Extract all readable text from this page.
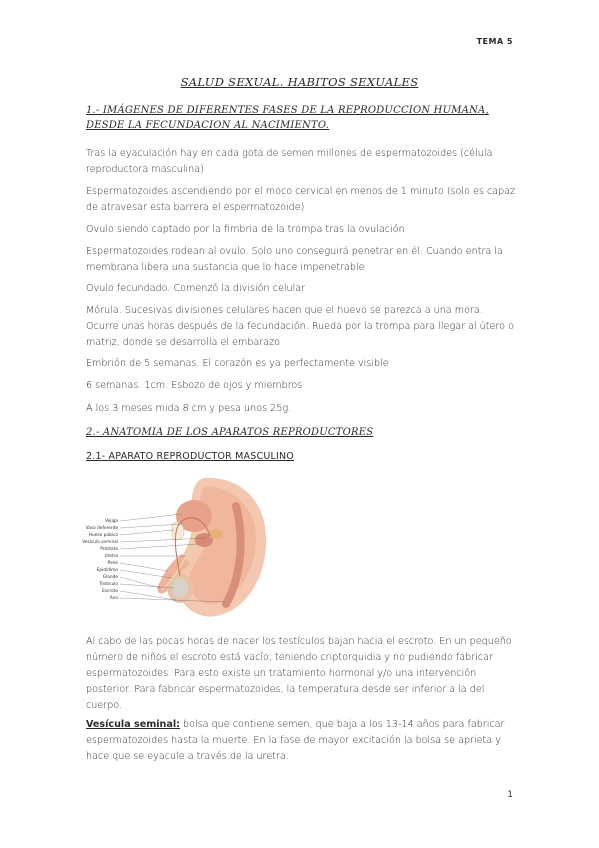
TEMA 5
SALUD SEXUAL. HABITOS SEXUALES
1.- IMÁGENES DE DIFERENTES FASES DE LA REPRODUCCION HUMANA, DESDE LA FECUNDACION AL NACIMIENTO.

Tras la eyaculación hay en cada gota de semen millones de espermatozoides (célula reproductora masculina)

Espermatozoides ascendiendo por el moco cervical en menos de 1 minuto (solo es capaz de atravesar esta barrera el espermatozoide)

Ovulo siendo captado por la fimbria de la trompa tras la ovulación

Espermatozoides rodean al ovulo. Solo uno conseguirá penetrar en él. Cuando entra la membrana libera una sustancia que lo hace impenetrable

Ovulo fecundado. Comenzó la división celular

Mórula. Sucesivas divisiones celulares hacen que el huevo se parezca a una mora. Ocurre unas horas después de la fecundación. Rueda por la trompa para llegar al útero o matriz, donde se desarrolla el embarazo

Embrión de 5 semanas. El corazón es ya perfectamente visible

6 semanas. 1cm. Esbozo de ojos y miembros

A los 3 meses mida 8 cm y pesa unos 25g.

2.- ANATOMIA DE LOS APARATOS REPRODUCTORES
2.1- APARATO REPRODUCTOR MASCULINO
Vejiga
Vaso deferente
Hueso púbico
Vesícula seminal
Próstata
Uretra
Pene
Epidídimo
Glande
Testículo
Escroto
Ano

Al cabo de las pocas horas de nacer los testículos bajan hacia el escroto. En un pequeño número de niños el escroto está vacío, teniendo criptorquidia y no pudiendo fabricar espermatozoides. Para esto existe un tratamiento hormonal y/o una intervención posterior. Para fabricar espermatozoides, la temperatura desde ser inferior a la del cuerpo.

Vesícula seminal: bolsa que contiene semen, que baja a los 13-14 años para fabricar espermatozoides hasta la muerte. En la fase de mayor excitación la bolsa se aprieta y hace que se eyacule a través de la uretra.

1
